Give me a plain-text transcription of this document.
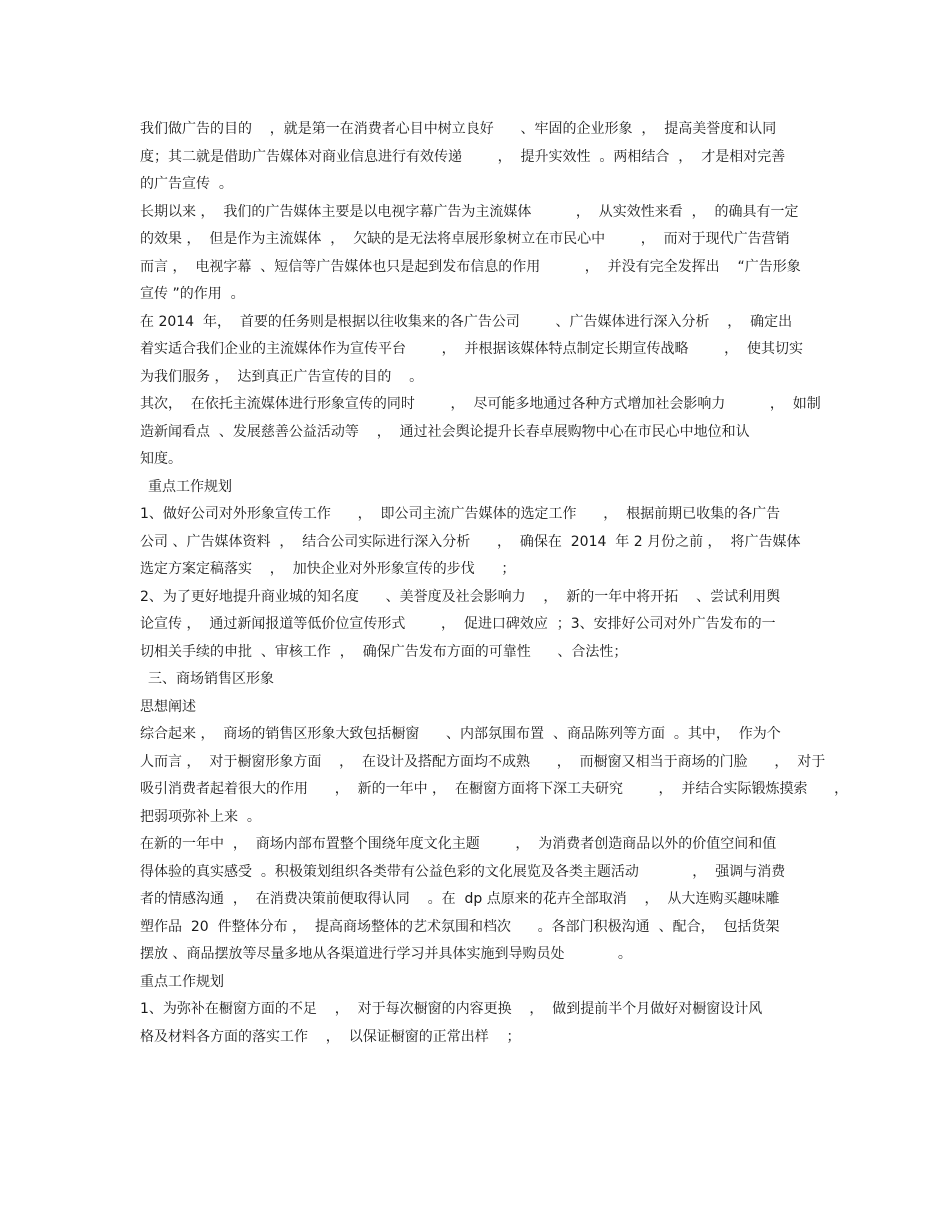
我们做广告的目的    ，就是第一在消费者心目中树立良好      、牢固的企业形象  ，  提高美誉度和认同
度；其二就是借助广告媒体对商业信息进行有效传递        ，  提升实效性  。两相结合  ，  才是相对完善
的广告宣传  。
长期以来 ，  我们的广告媒体主要是以电视字幕广告为主流媒体          ，  从实效性来看  ，  的确具有一定
的效果 ，  但是作为主流媒体  ，  欠缺的是无法将卓展形象树立在市民心中        ，  而对于现代广告营销
而言 ，  电视字幕  、短信等广告媒体也只是起到发布信息的作用          ，  并没有完全发挥出    “广告形象
宣传 ”的作用  。
在 2014  年，  首要的任务则是根据以往收集来的各广告公司        、广告媒体进行深入分析    ，  确定出
着实适合我们企业的主流媒体作为宣传平台        ，  并根据该媒体特点制定长期宣传战略        ，  使其切实
为我们服务 ，  达到真正广告宣传的目的    。
其次，  在依托主流媒体进行形象宣传的同时        ，  尽可能多地通过各种方式增加社会影响力          ，  如制
造新闻看点  、发展慈善公益活动等    ，  通过社会舆论提升长春卓展购物中心在市民心中地位和认
知度。
重点工作规划
1、做好公司对外形象宣传工作      ，  即公司主流广告媒体的选定工作      ，  根据前期已收集的各广告
公司 、广告媒体资料  ，  结合公司实际进行深入分析      ，  确保在  2014  年 2 月份之前 ，  将广告媒体
选定方案定稿落实    ，  加快企业对外形象宣传的步伐      ；
2、为了更好地提升商业城的知名度      、美誉度及社会影响力    ，  新的一年中将开拓    、尝试利用舆
论宣传 ，  通过新闻报道等低价位宣传形式        ，  促进口碑效应  ；3、安排好公司对外广告发布的一
切相关手续的申批  、审核工作  ，  确保广告发布方面的可靠性      、合法性；
三、商场销售区形象
思想阐述
综合起来 ，  商场的销售区形象大致包括橱窗      、内部氛围布置  、商品陈列等方面  。其中，  作为个
人而言 ，  对于橱窗形象方面    ，  在设计及搭配方面均不成熟      ，  而橱窗又相当于商场的门脸      ，  对于
吸引消费者起着很大的作用      ，  新的一年中 ，  在橱窗方面将下深工夫研究        ，  并结合实际锻炼摸索      ，
把弱项弥补上来  。
在新的一年中  ，  商场内部布置整个围绕年度文化主题        ，  为消费者创造商品以外的价值空间和值
得体验的真实感受  。积极策划组织各类带有公益色彩的文化展览及各类主题活动            ，  强调与消费
者的情感沟通  ，  在消费决策前便取得认同    。在  dp 点原来的花卉全部取消    ，  从大连购买趣味雕
塑作品  20  件整体分布 ，  提高商场整体的艺术氛围和档次      。各部门积极沟通  、配合，  包括货架
摆放 、商品摆放等尽量多地从各渠道进行学习并具体实施到导购员处            。
重点工作规划
1、为弥补在橱窗方面的不足    ，  对于每次橱窗的内容更换    ，  做到提前半个月做好对橱窗设计风
格及材料各方面的落实工作    ，  以保证橱窗的正常出样    ；
